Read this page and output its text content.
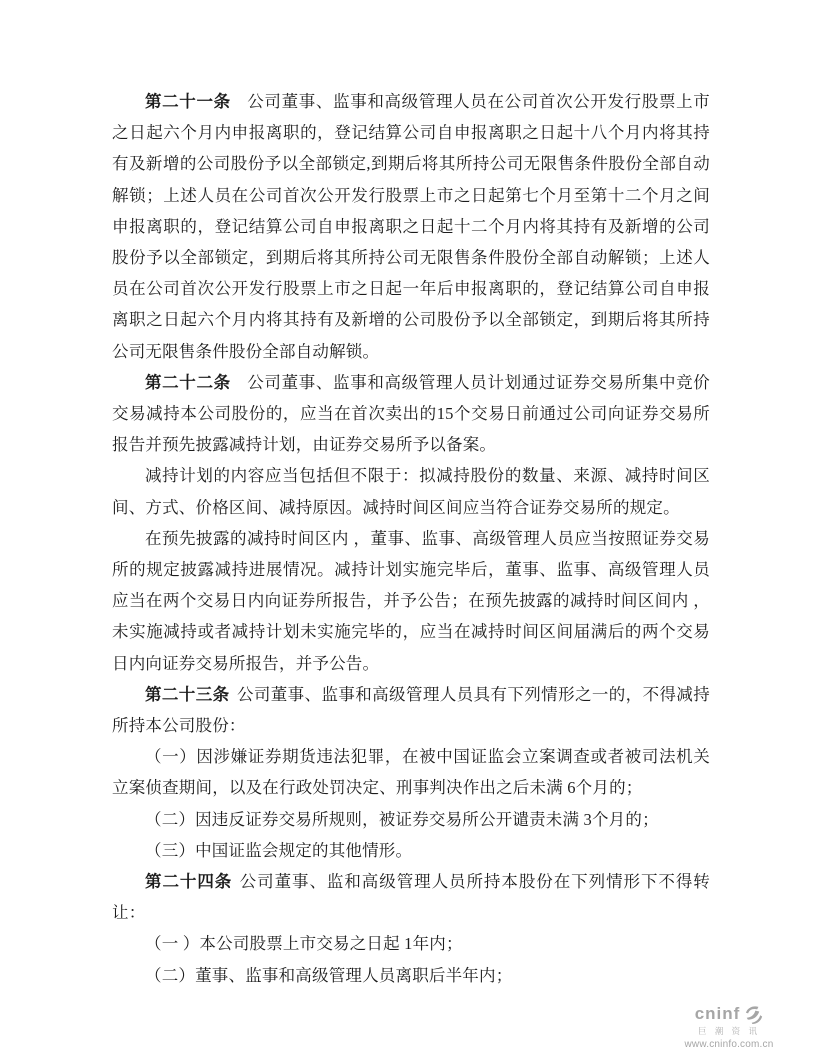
第二十一条 公司董事、监事和高级管理人员在公司首次公开发行股票上市之日起六个月内申报离职的，登记结算公司自申报离职之日起十八个月内将其持有及新增的公司股份予以全部锁定,到期后将其所持公司无限售条件股份全部自动解锁；上述人员在公司首次公开发行股票上市之日起第七个月至第十二个月之间申报离职的，登记结算公司自申报离职之日起十二个月内将其持有及新增的公司股份予以全部锁定，到期后将其所持公司无限售条件股份全部自动解锁；上述人员在公司首次公开发行股票上市之日起一年后申报离职的，登记结算公司自申报离职之日起六个月内将其持有及新增的公司股份予以全部锁定，到期后将其所持公司无限售条件股份全部自动解锁。

第二十二条 公司董事、监事和高级管理人员计划通过证券交易所集中竞价交易减持本公司股份的，应当在首次卖出的15个交易日前通过公司向证券交易所报告并预先披露减持计划，由证券交易所予以备案。

减持计划的内容应当包括但不限于：拟减持股份的数量、来源、减持时间区间、方式、价格区间、减持原因。减持时间区间应当符合证券交易所的规定。

在预先披露的减持时间区内 ，董事、监事、高级管理人员应当按照证券交易所的规定披露减持进展情况。减持计划实施完毕后，董事、监事、高级管理人员应当在两个交易日内向证券所报告，并予公告；在预先披露的减持时间区间内 ，未实施减持或者减持计划未实施完毕的，应当在减持时间区间届满后的两个交易日内向证券交易所报告，并予公告。

第二十三条 公司董事、监事和高级管理人员具有下列情形之一的，不得减持所持本公司股份：

（一）因涉嫌证券期货违法犯罪，在被中国证监会立案调查或者被司法机关立案侦查期间，以及在行政处罚决定、刑事判决作出之后未满 6个月的；

（二）因违反证券交易所规则，被证券交易所公开谴责未满 3个月的；

（三）中国证监会规定的其他情形。

第二十四条 公司董事、监和高级管理人员所持本股份在下列情形下不得转让：

（一 ）本公司股票上市交易之日起 1年内；

（二）董事、监事和高级管理人员离职后半年内；

cninf
巨 潮 资 讯
www.cninfo.com.cn
